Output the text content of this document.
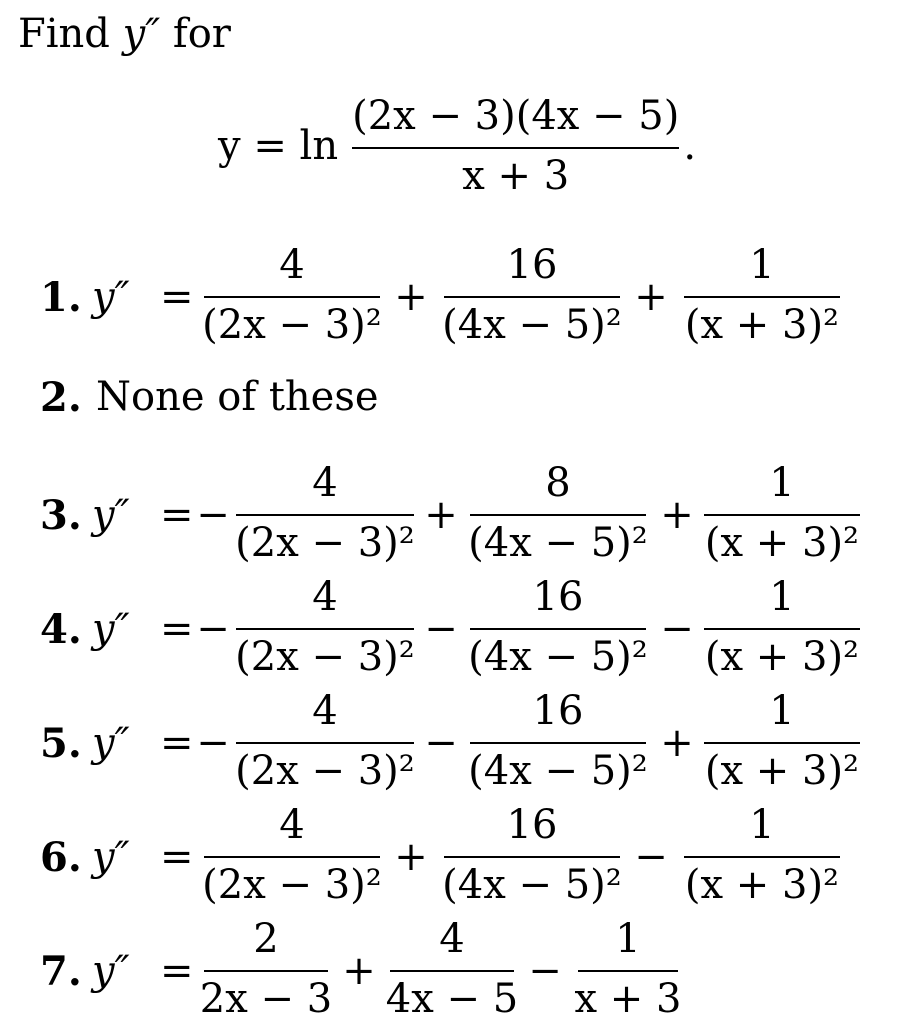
Find y″ for
$y = \ln \frac{(2x - 3)(4x - 5)}{x + 3}$ .
1. y″ =
4
(2x − 3)²
+
16
(4x − 5)²
+
1
(x + 3)²
2. None of these
3. y″ = −
4
(2x − 3)²
+
8
(4x − 5)²
+
1
(x + 3)²
4. y″ = −
4
(2x − 3)²
−
16
(4x − 5)²
−
1
(x + 3)²
5. y″ = −
4
(2x − 3)²
−
16
(4x − 5)²
+
1
(x + 3)²
6. y″ =
4
(2x − 3)²
+
16
(4x − 5)²
−
1
(x + 3)²
7. y″ =
2
2x − 3
+
4
4x − 5
−
1
x + 3
